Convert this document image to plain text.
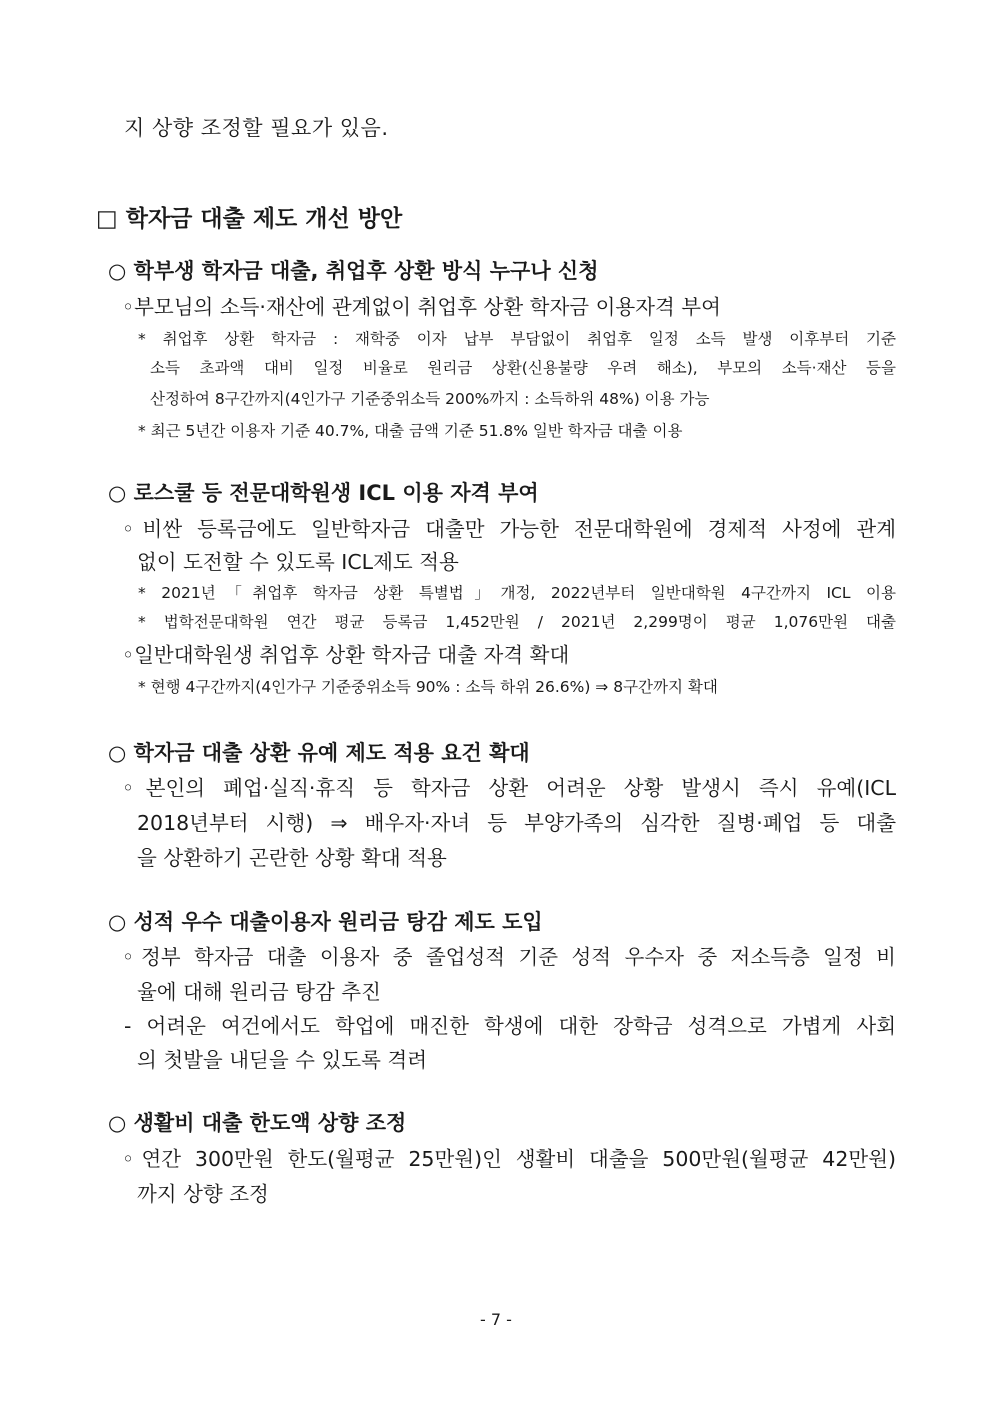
지 상향 조정할 필요가 있음.
□ 학자금 대출 제도 개선 방안
○ 학부생 학자금 대출, 취업후 상환 방식 누구나 신청
◦부모님의 소득·재산에 관계없이 취업후 상환 학자금 이용자격 부여
* 취업후 상환 학자금 : 재학중 이자 납부 부담없이 취업후 일정 소득 발생 이후부터 기준
소득 초과액 대비 일정 비율로 원리금 상환(신용불량 우려 해소), 부모의 소득·재산 등을
산정하여 8구간까지(4인가구 기준중위소득 200%까지 : 소득하위 48%) 이용 가능
* 최근 5년간 이용자 기준 40.7%, 대출 금액 기준 51.8% 일반 학자금 대출 이용
○ 로스쿨 등 전문대학원생 ICL 이용 자격 부여
◦비싼 등록금에도 일반학자금 대출만 가능한 전문대학원에 경제적 사정에 관계
없이 도전할 수 있도록 ICL제도 적용
* 2021년「취업후 학자금 상환 특별법」개정, 2022년부터 일반대학원 4구간까지 ICL 이용
* 법학전문대학원 연간 평균 등록금 1,452만원 / 2021년 2,299명이 평균 1,076만원 대출
◦일반대학원생 취업후 상환 학자금 대출 자격 확대
* 현행 4구간까지(4인가구 기준중위소득 90% : 소득 하위 26.6%) ⇒ 8구간까지 확대
○ 학자금 대출 상환 유예 제도 적용 요건 확대
◦본인의 폐업·실직·휴직 등 학자금 상환 어려운 상황 발생시 즉시 유예(ICL
2018년부터 시행) ⇒ 배우자·자녀 등 부양가족의 심각한 질병·폐업 등 대출
을 상환하기 곤란한 상황 확대 적용
○ 성적 우수 대출이용자 원리금 탕감 제도 도입
◦정부 학자금 대출 이용자 중 졸업성적 기준 성적 우수자 중 저소득층 일정 비
율에 대해 원리금 탕감 추진
- 어려운 여건에서도 학업에 매진한 학생에 대한 장학금 성격으로 가볍게 사회
의 첫발을 내딛을 수 있도록 격려
○ 생활비 대출 한도액 상향 조정
◦연간 300만원 한도(월평균 25만원)인 생활비 대출을 500만원(월평균 42만원)
까지 상향 조정
- 7 -
